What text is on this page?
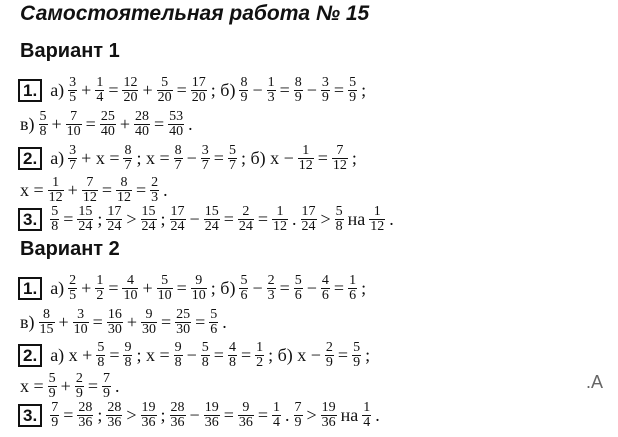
Самостоятельная работа № 15
Вариант 1
1. $а) \frac{3}{5} + \frac{1}{4} = \frac{12}{20} + \frac{5}{20} = \frac{17}{20}$ ; $б) \frac{8}{9} - \frac{1}{3} = \frac{8}{9} - \frac{3}{9} = \frac{5}{9}$ ;
$в) \frac{5}{8} + \frac{7}{10} = \frac{25}{40} + \frac{28}{40} = \frac{53}{40}$ .
2. $а) \frac{3}{7} + x = \frac{8}{7}$ ; $x = \frac{8}{7} - \frac{3}{7} = \frac{5}{7}$ ; б) $x - \frac{1}{12} = \frac{7}{12}$ ;
$x = \frac{1}{12} + \frac{7}{12} = \frac{8}{12} = \frac{2}{3}$ .
3. $\frac{5}{8} = \frac{15}{24}$ ; $\frac{17}{24} > \frac{15}{24}$ ; $\frac{17}{24} - \frac{15}{24} = \frac{2}{24} = \frac{1}{12}$ . $\frac{17}{24} > \frac{5}{8}$ на $\frac{1}{12}$ .
Вариант 2
1. $а) \frac{2}{5} + \frac{1}{2} = \frac{4}{10} + \frac{5}{10} = \frac{9}{10}$ ; $б) \frac{5}{6} - \frac{2}{3} = \frac{5}{6} - \frac{4}{6} = \frac{1}{6}$ ;
$в) \frac{8}{15} + \frac{3}{10} = \frac{16}{30} + \frac{9}{30} = \frac{25}{30} = \frac{5}{6}$ .
2. а) $x + \frac{5}{8} = \frac{9}{8}$ ; $x = \frac{9}{8} - \frac{5}{8} = \frac{4}{8} = \frac{1}{2}$ ; б) $x - \frac{2}{9} = \frac{5}{9}$ ;
$x = \frac{5}{9} + \frac{2}{9} = \frac{7}{9}$ .
3. $\frac{7}{9} = \frac{28}{36}$ ; $\frac{28}{36} > \frac{19}{36}$ ; $\frac{28}{36} - \frac{19}{36} = \frac{9}{36} = \frac{1}{4}$ . $\frac{7}{9} > \frac{19}{36}$ на $\frac{1}{4}$ .
.A
